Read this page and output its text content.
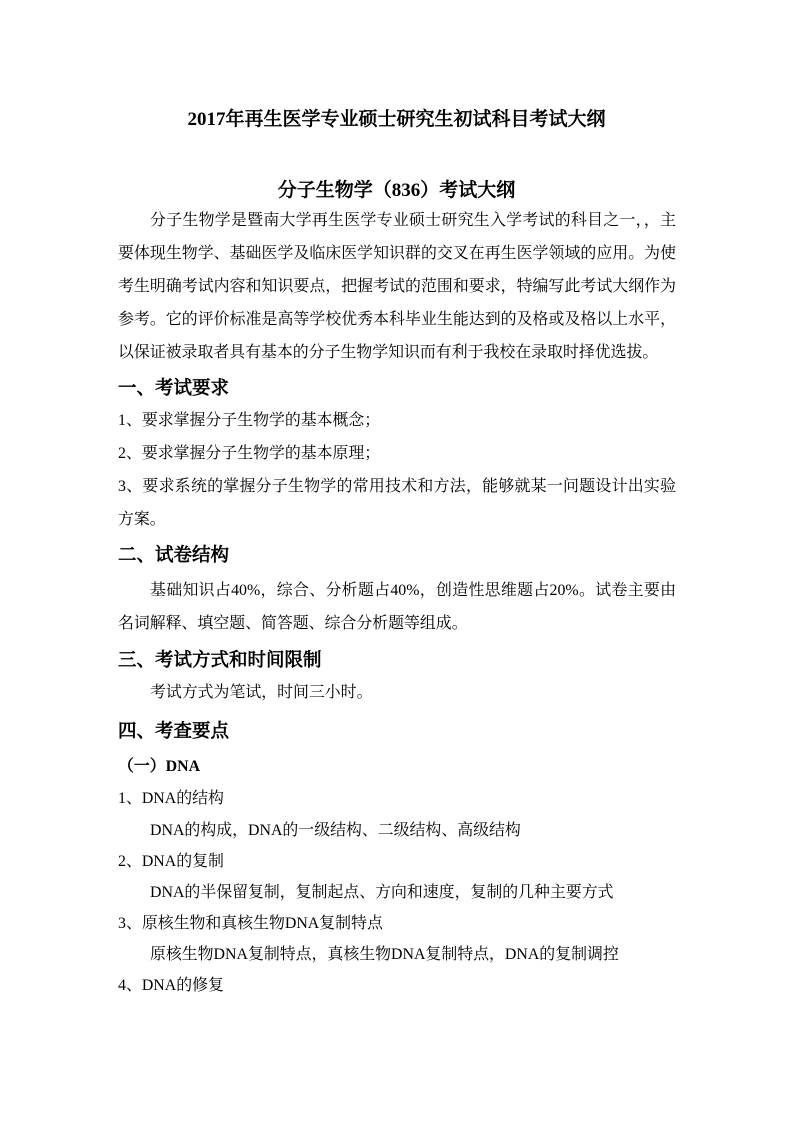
2017年再生医学专业硕士研究生初试科目考试大纲
分子生物学（836）考试大纲
分子生物学是暨南大学再生医学专业硕士研究生入学考试的科目之一，，主要体现生物学、基础医学及临床医学知识群的交叉在再生医学领域的应用。为使考生明确考试内容和知识要点，把握考试的范围和要求，特编写此考试大纲作为参考。它的评价标准是高等学校优秀本科毕业生能达到的及格或及格以上水平，以保证被录取者具有基本的分子生物学知识而有利于我校在录取时择优选拔。
一、考试要求
1、要求掌握分子生物学的基本概念；
2、要求掌握分子生物学的基本原理；
3、要求系统的掌握分子生物学的常用技术和方法，能够就某一问题设计出实验方案。
二、试卷结构
基础知识占40%，综合、分析题占40%，创造性思维题占20%。试卷主要由名词解释、填空题、简答题、综合分析题等组成。
三、考试方式和时间限制
考试方式为笔试，时间三小时。
四、考查要点
（一）DNA
1、DNA的结构
DNA的构成，DNA的一级结构、二级结构、高级结构
2、DNA的复制
DNA的半保留复制，复制起点、方向和速度，复制的几种主要方式
3、原核生物和真核生物DNA复制特点
原核生物DNA复制特点，真核生物DNA复制特点，DNA的复制调控
4、DNA的修复
